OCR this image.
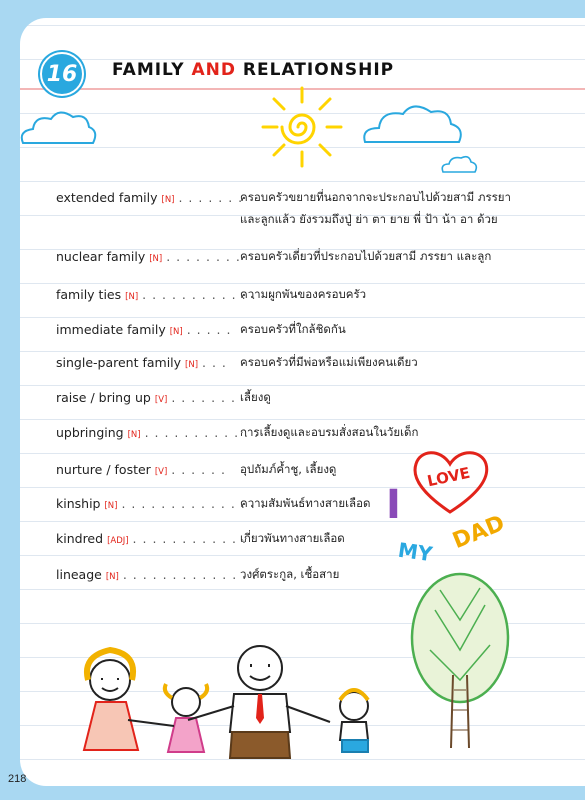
16	FAMILY AND RELATIONSHIP
extended family [N] . . . . . . .
ครอบครัวขยายที่นอกจากจะประกอบไปด้วยสามี ภรรยา
และลูกแล้ว ยังรวมถึงปู่ ย่า ตา ยาย พี่ ป้า น้า อา ด้วย
nuclear family [N] . . . . . . . . ครอบครัวเดี่ยวที่ประกอบไปด้วยสามี ภรรยา และลูก
family ties [N] . . . . . . . . . . . .
ความผูกพันของครอบครัว
immediate family [N] . . . . . ครอบครัวที่ใกล้ชิดกัน
single-parent family [N] . . . ครอบครัวที่มีพ่อหรือแม่เพียงคนเดียว
raise / bring up [V] . . . . . . . เลี้ยงดู
upbringing [N] . . . . . . . . . . . .
การเลี้ยงดูและอบรมสั่งสอนในวัยเด็ก
nurture / foster [V] . . . . . . อุปถัมภ์ค้ำชู, เลี้ยงดู
kinship [N] . . . . . . . . . . . . . . .
ความสัมพันธ์ทางสายเลือด
kindred [ADJ] . . . . . . . . . . . .
เกี่ยวพันทางสายเลือด
lineage [N] . . . . . . . . . . . . . .
วงศ์ตระกูล, เชื้อสาย
LOVE
I
MY DAD
218
